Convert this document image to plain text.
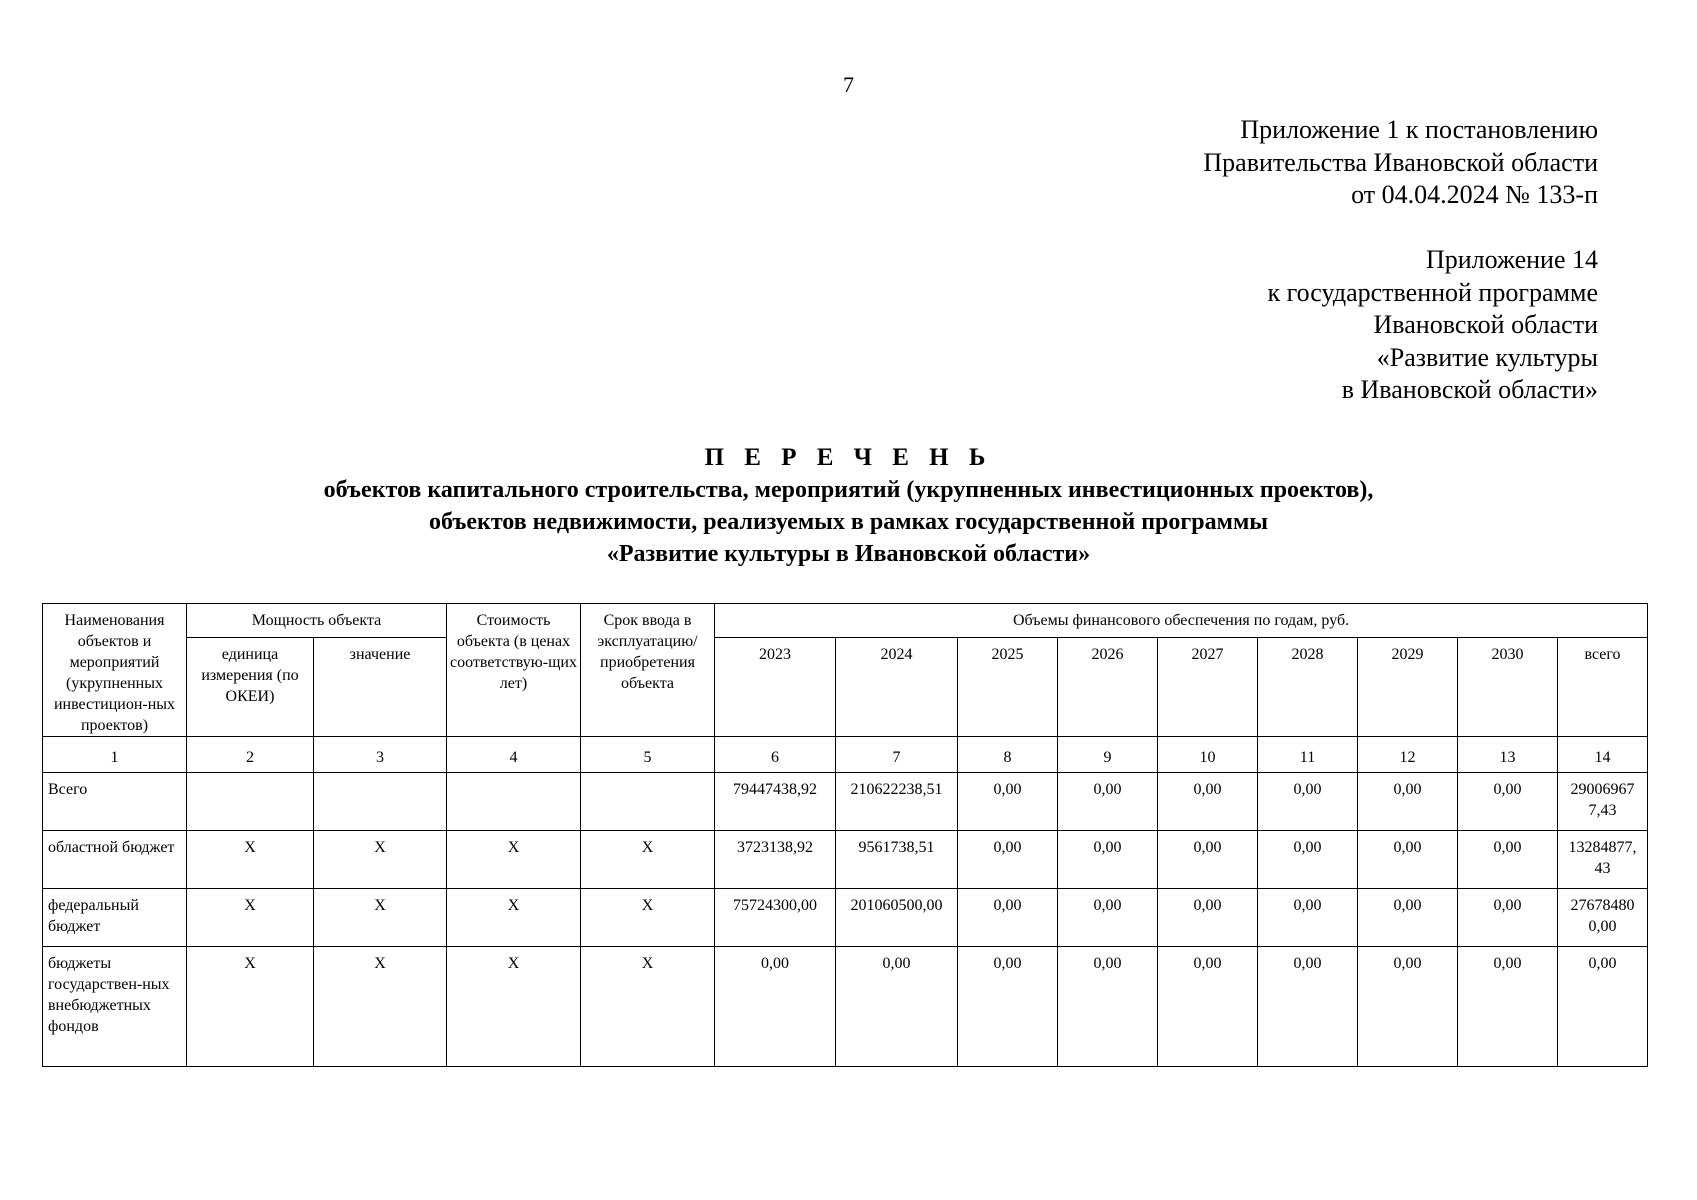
7
Приложение 1 к постановлению
Правительства Ивановской области
от 04.04.2024 № 133-п
Приложение 14
к государственной программе
Ивановской области
«Развитие культуры
в Ивановской области»
П Е Р Е Ч Е Н Ь
объектов капитального строительства, мероприятий (укрупненных инвестиционных проектов),
объектов недвижимости, реализуемых в рамках государственной программы
«Развитие культуры в Ивановской области»
Наименования объектов и мероприятий (укрупненных инвестицион-ных проектов)	Мощность объекта		Стоимость объекта (в ценах соответствую-щих лет)	Срок ввода в эксплуатацию/ приобретения объекта	Объемы финансового обеспечения по годам, руб.								
	единица измерения (по ОКЕИ)	значение			2023	2024	2025	2026	2027	2028	2029	2030	всего
1	2	3	4	5	6	7	8	9	10	11	12	13	14
Всего					79447438,92	210622238,51	0,00	0,00	0,00	0,00	0,00	0,00	29006967 7,43
областной бюджет	X	X	X	X	3723138,92	9561738,51	0,00	0,00	0,00	0,00	0,00	0,00	13284877, 43
федеральный бюджет	X	X	X	X	75724300,00	201060500,00	0,00	0,00	0,00	0,00	0,00	0,00	27678480 0,00
бюджеты государствен-ных внебюджетных фондов	X	X	X	X	0,00	0,00	0,00	0,00	0,00	0,00	0,00	0,00	0,00
